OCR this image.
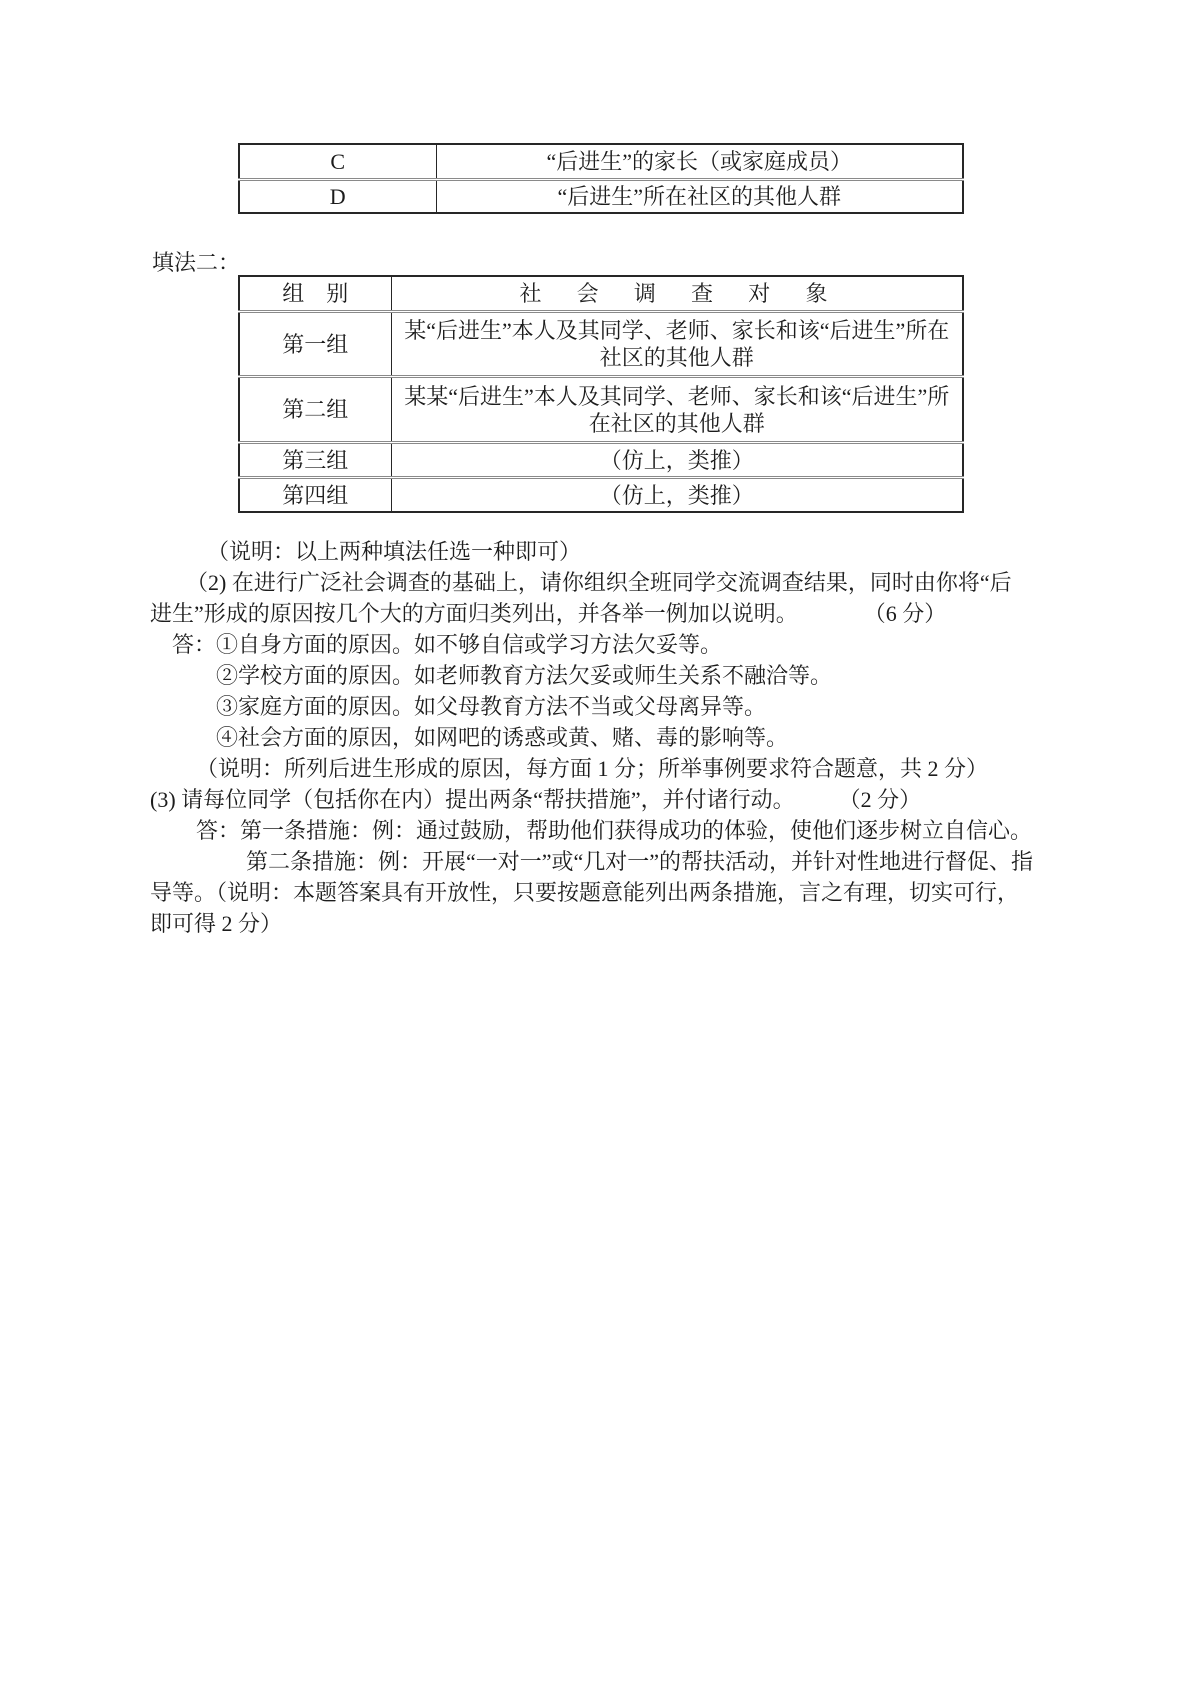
C	“后进生”的家长（或家庭成员）
D	“后进生”所在社区的其他人群
填法二：
组　别	社　会　调　查　对　象
第一组	某“后进生”本人及其同学、老师、家长和该“后进生”所在社区的其他人群
第二组	某某“后进生”本人及其同学、老师、家长和该“后进生”所在社区的其他人群
第三组	（仿上，类推）
第四组	（仿上，类推）
（说明：以上两种填法任选一种即可）
（2) 在进行广泛社会调查的基础上，请你组织全班同学交流调查结果，同时由你将“后
进生”形成的原因按几个大的方面归类列出，并各举一例加以说明。　　　　（6 分）
答：①自身方面的原因。如不够自信或学习方法欠妥等。
②学校方面的原因。如老师教育方法欠妥或师生关系不融洽等。
③家庭方面的原因。如父母教育方法不当或父母离异等。
④社会方面的原因，如网吧的诱惑或黄、赌、毒的影响等。
（说明：所列后进生形成的原因，每方面 1 分；所举事例要求符合题意，共 2 分）
(3) 请每位同学（包括你在内）提出两条“帮扶措施”，并付诸行动。　　　（2 分）
答：第一条措施：例：通过鼓励，帮助他们获得成功的体验，使他们逐步树立自信心。
第二条措施：例：开展“一对一”或“几对一”的帮扶活动，并针对性地进行督促、指
导等。（说明：本题答案具有开放性，只要按题意能列出两条措施，言之有理，切实可行，
即可得 2 分）
